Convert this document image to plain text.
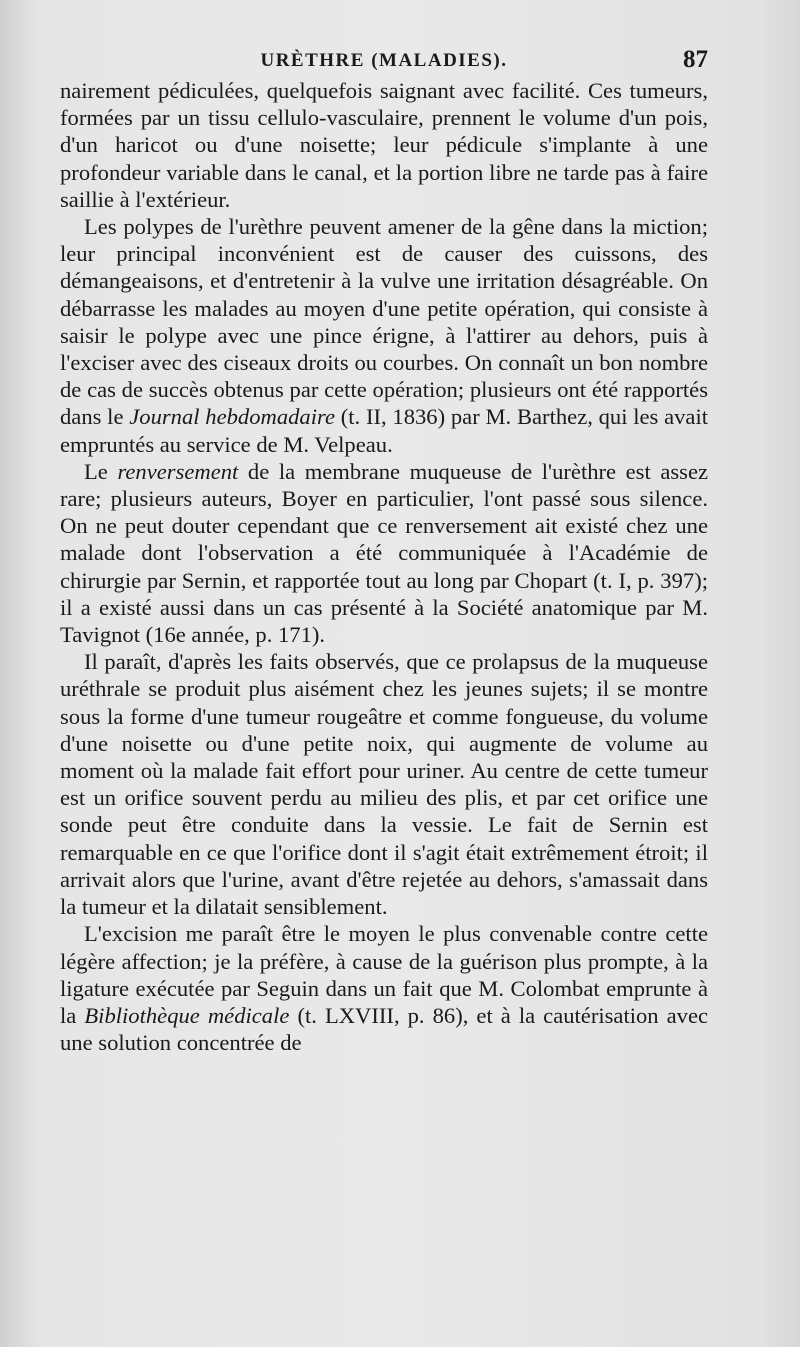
URÈTHRE (MALADIES).	87

nairement pédiculées, quelquefois saignant avec facilité. Ces tumeurs, formées par un tissu cellulo-vasculaire, prennent le volume d'un pois, d'un haricot ou d'une noisette; leur pédicule s'implante à une profondeur variable dans le canal, et la portion libre ne tarde pas à faire saillie à l'extérieur.

Les polypes de l'urèthre peuvent amener de la gêne dans la miction; leur principal inconvénient est de causer des cuissons, des démangeaisons, et d'entretenir à la vulve une irritation désagréable. On débarrasse les malades au moyen d'une petite opération, qui consiste à saisir le polype avec une pince érigne, à l'attirer au dehors, puis à l'exciser avec des ciseaux droits ou courbes. On connaît un bon nombre de cas de succès obtenus par cette opération; plusieurs ont été rapportés dans le Journal hebdomadaire (t. II, 1836) par M. Barthez, qui les avait empruntés au service de M. Velpeau.

Le renversement de la membrane muqueuse de l'urèthre est assez rare; plusieurs auteurs, Boyer en particulier, l'ont passé sous silence. On ne peut douter cependant que ce renversement ait existé chez une malade dont l'observation a été communiquée à l'Académie de chirurgie par Sernin, et rapportée tout au long par Chopart (t. I, p. 397); il a existé aussi dans un cas présenté à la Société anatomique par M. Tavignot (16e année, p. 171).

Il paraît, d'après les faits observés, que ce prolapsus de la muqueuse uréthrale se produit plus aisément chez les jeunes sujets; il se montre sous la forme d'une tumeur rougeâtre et comme fongueuse, du volume d'une noisette ou d'une petite noix, qui augmente de volume au moment où la malade fait effort pour uriner. Au centre de cette tumeur est un orifice souvent perdu au milieu des plis, et par cet orifice une sonde peut être conduite dans la vessie. Le fait de Sernin est remarquable en ce que l'orifice dont il s'agit était extrêmement étroit; il arrivait alors que l'urine, avant d'être rejetée au dehors, s'amassait dans la tumeur et la dilatait sensiblement.

L'excision me paraît être le moyen le plus convenable contre cette légère affection; je la préfère, à cause de la guérison plus prompte, à la ligature exécutée par Seguin dans un fait que M. Colombat emprunte à la Bibliothèque médicale (t. LXVIII, p. 86), et à la cautérisation avec une solution concentrée de
